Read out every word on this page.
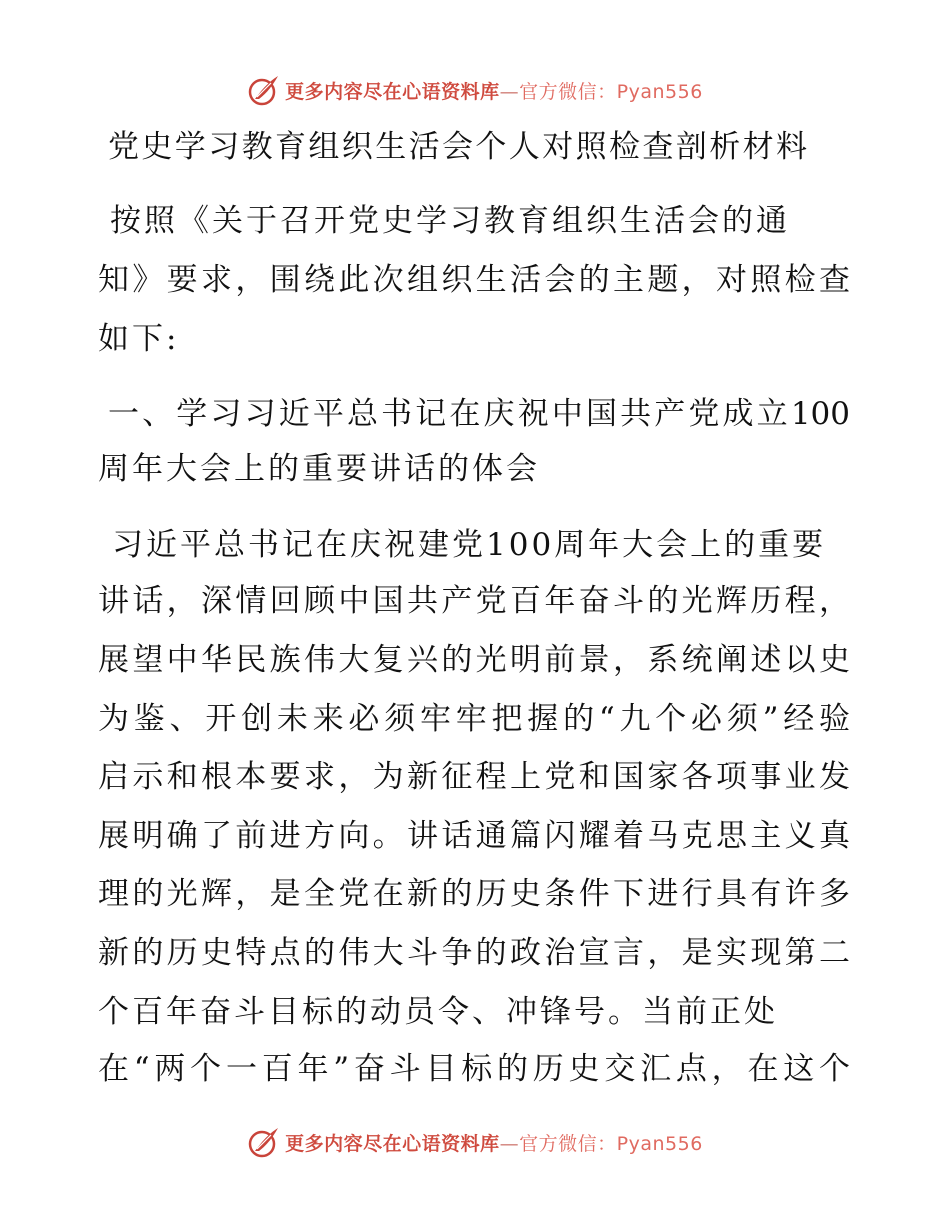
更多内容尽在心语资料库—官方微信：Pyan556
党史学习教育组织生活会个人对照检查剖析材料
按照《关于召开党史学习教育组织生活会的通
知》要求，围绕此次组织生活会的主题，对照检查
如下:
一、学习习近平总书记在庆祝中国共产党成立100
周年大会上的重要讲话的体会
习近平总书记在庆祝建党100周年大会上的重要
讲话，深情回顾中国共产党百年奋斗的光辉历程，
展望中华民族伟大复兴的光明前景，系统阐述以史
为鉴、开创未来必须牢牢把握的“九个必须”经验
启示和根本要求，为新征程上党和国家各项事业发
展明确了前进方向。讲话通篇闪耀着马克思主义真
理的光辉，是全党在新的历史条件下进行具有许多
新的历史特点的伟大斗争的政治宣言，是实现第二
个百年奋斗目标的动员令、冲锋号。当前正处
在“两个一百年”奋斗目标的历史交汇点，在这个
更多内容尽在心语资料库—官方微信：Pyan556
